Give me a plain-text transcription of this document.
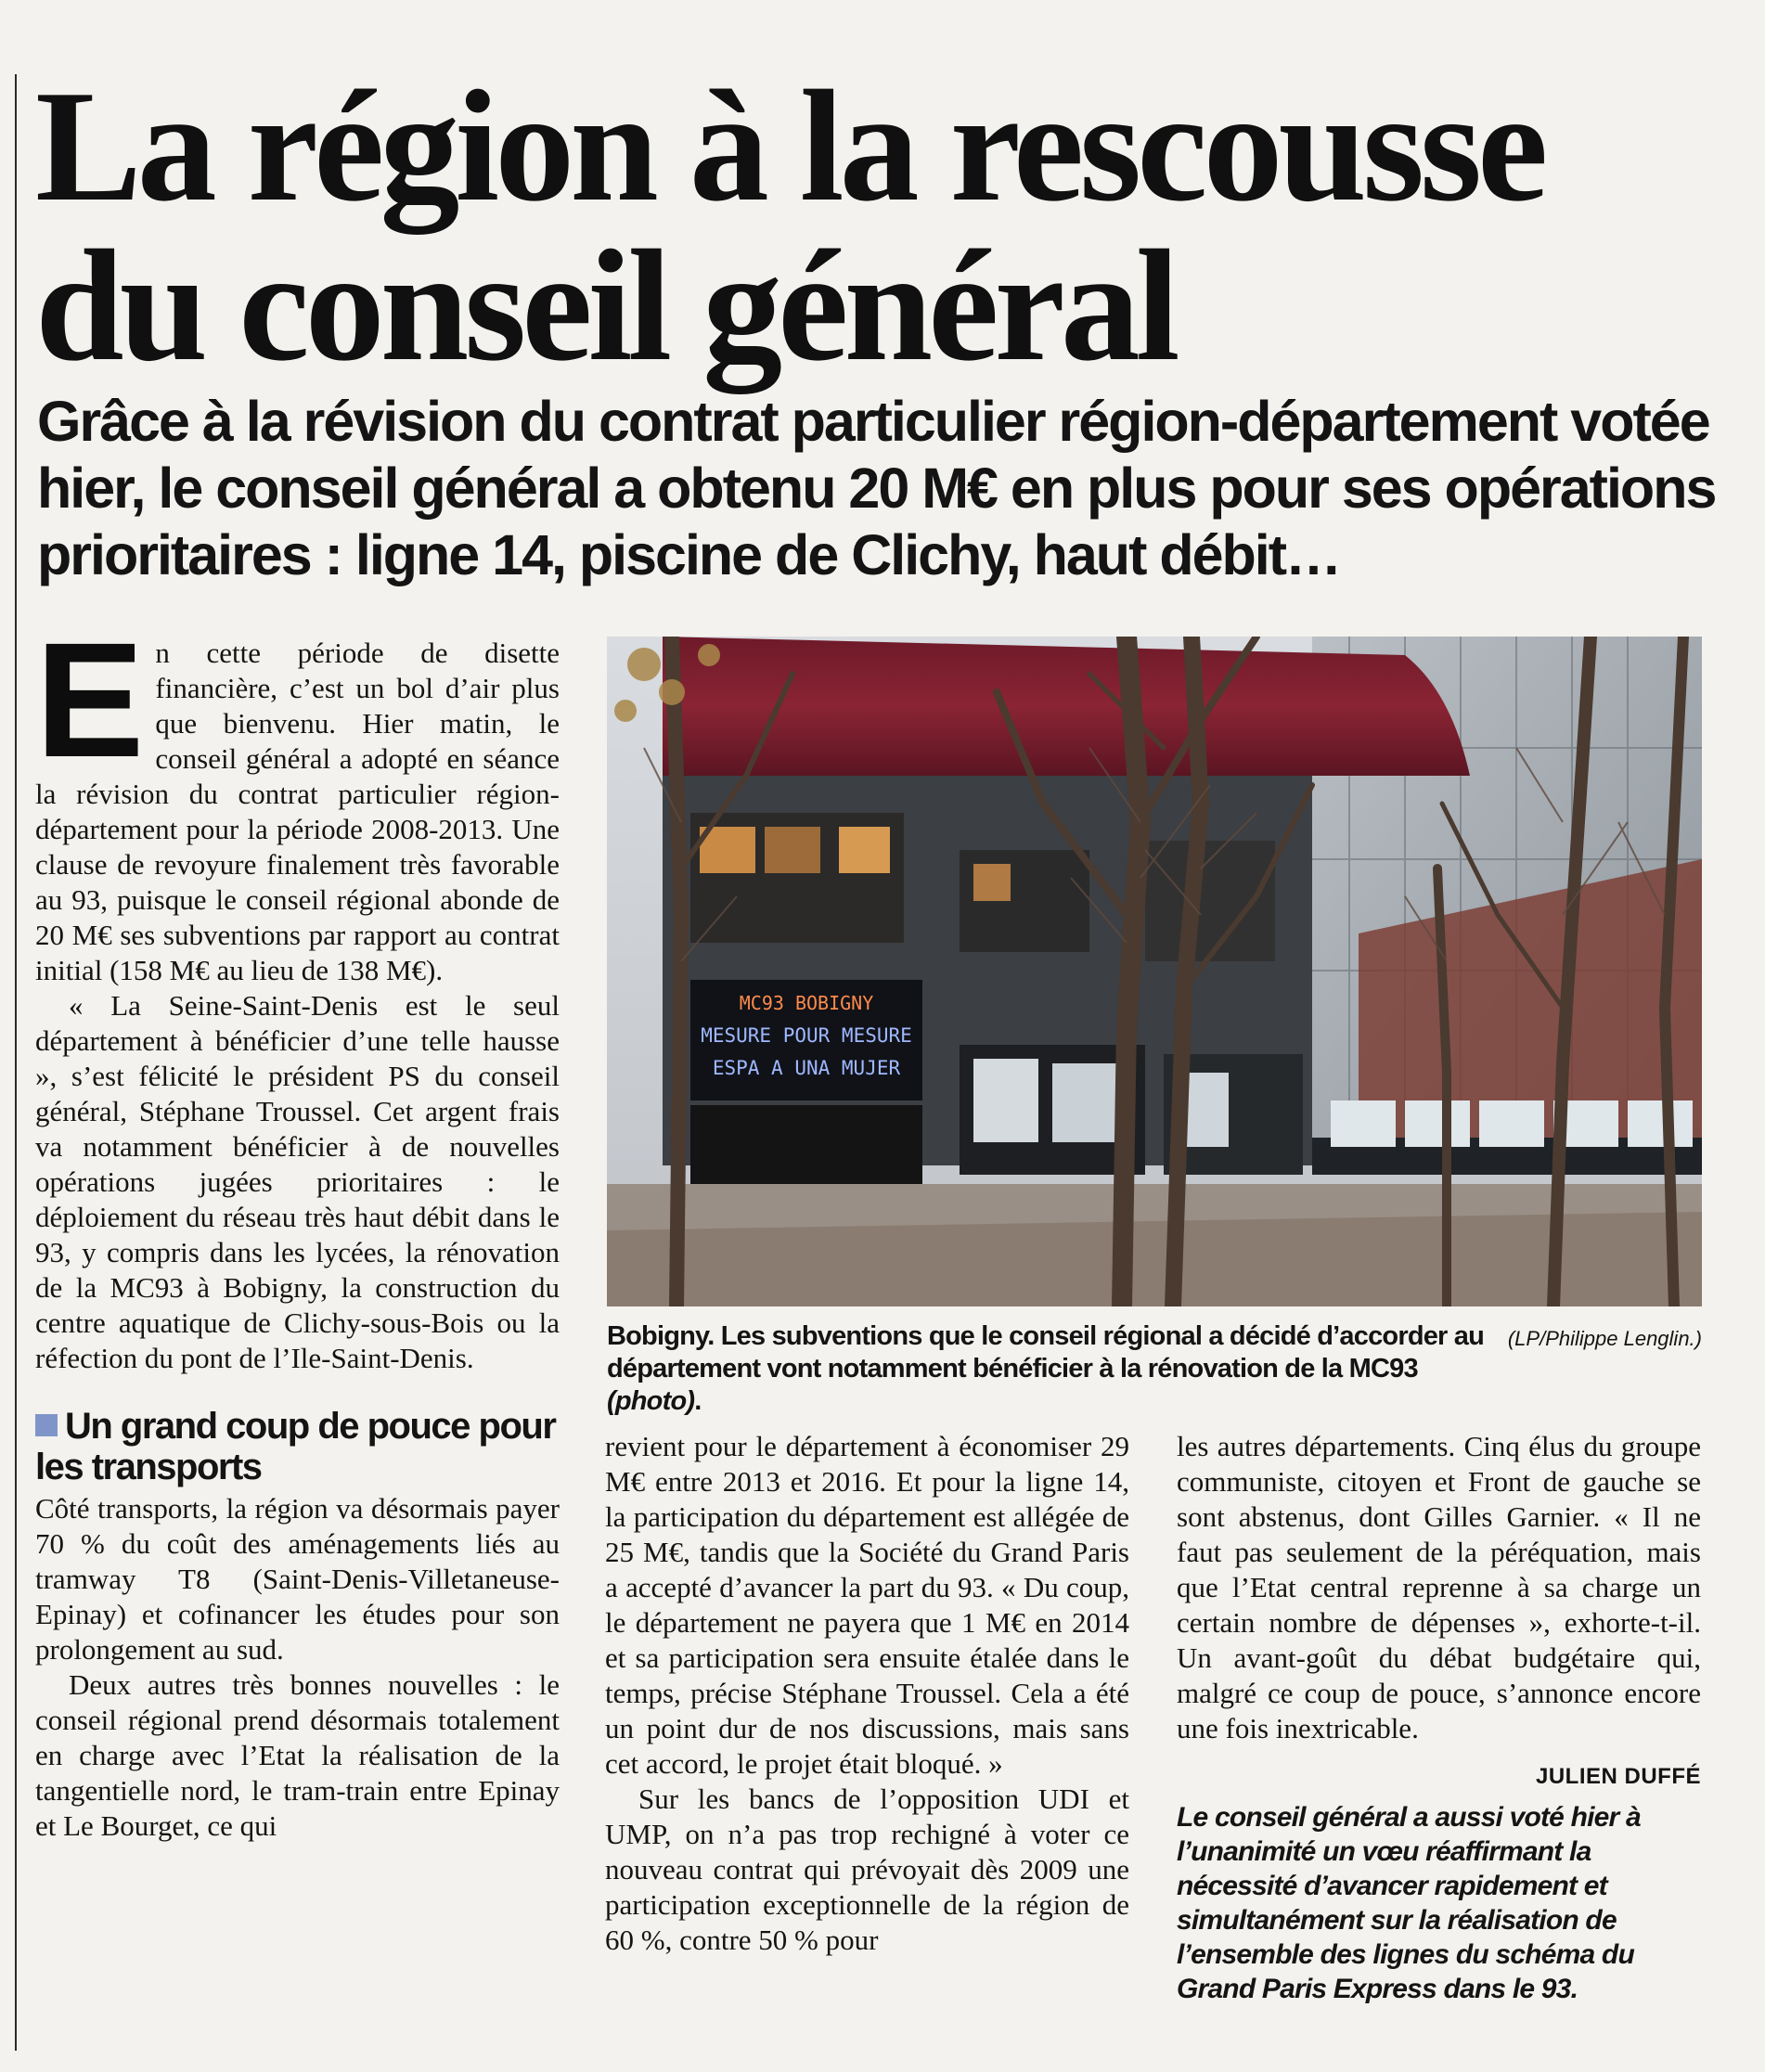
La région à la rescousse
du conseil général

Grâce à la révision du contrat particulier région-département votée hier, le conseil général a obtenu 20 M€ en plus pour ses opérations prioritaires : ligne 14, piscine de Clichy, haut débit…

En cette période de disette financière, c’est un bol d’air plus que bienvenu. Hier matin, le conseil général a adopté en séance la révision du contrat particulier région-département pour la période 2008-2013. Une clause de revoyure finalement très favorable au 93, puisque le conseil régional abonde de 20 M€ ses subventions par rapport au contrat initial (158 M€ au lieu de 138 M€).

« La Seine-Saint-Denis est le seul département à bénéficier d’une telle hausse », s’est félicité le président PS du conseil général, Stéphane Troussel. Cet argent frais va notamment bénéficier à de nouvelles opérations jugées prioritaires : le déploiement du réseau très haut débit dans le 93, y compris dans les lycées, la rénovation de la MC93 à Bobigny, la construction du centre aquatique de Clichy-sous-Bois ou la réfection du pont de l’Ile-Saint-Denis.

Un grand coup de pouce pour les transports

Côté transports, la région va désormais payer 70 % du coût des aménagements liés au tramway T8 (Saint-Denis-Villetaneuse-Epinay) et cofinancer les études pour son prolongement au sud.

Deux autres très bonnes nouvelles : le conseil régional prend désormais totalement en charge avec l’Etat la réalisation de la tangentielle nord, le tram-train entre Epinay et Le Bourget, ce qui

MC93 BOBIGNY
MESURE POUR MESURE
ESPA A UNA MUJER
(LP/Philippe Lenglin.)
Bobigny. Les subventions que le conseil régional a décidé d’accorder au département vont notamment bénéficier à la rénovation de la MC93 (photo).

revient pour le département à économiser 29 M€ entre 2013 et 2016. Et pour la ligne 14, la participation du département est allégée de 25 M€, tandis que la Société du Grand Paris a accepté d’avancer la part du 93. « Du coup, le département ne payera que 1 M€ en 2014 et sa participation sera ensuite étalée dans le temps, précise Stéphane Troussel. Cela a été un point dur de nos discussions, mais sans cet accord, le projet était bloqué. »

Sur les bancs de l’opposition UDI et UMP, on n’a pas trop rechigné à voter ce nouveau contrat qui prévoyait dès 2009 une participation exceptionnelle de la région de 60 %, contre 50 % pour

les autres départements. Cinq élus du groupe communiste, citoyen et Front de gauche se sont abstenus, dont Gilles Garnier. « Il ne faut pas seulement de la péréquation, mais que l’Etat central reprenne à sa charge un certain nombre de dépenses », exhorte-t-il. Un avant-goût du débat budgétaire qui, malgré ce coup de pouce, s’annonce encore une fois inextricable.

JULIEN DUFFÉ

Le conseil général a aussi voté hier à l’unanimité un vœu réaffirmant la nécessité d’avancer rapidement et simultanément sur la réalisation de l’ensemble des lignes du schéma du Grand Paris Express dans le 93.
